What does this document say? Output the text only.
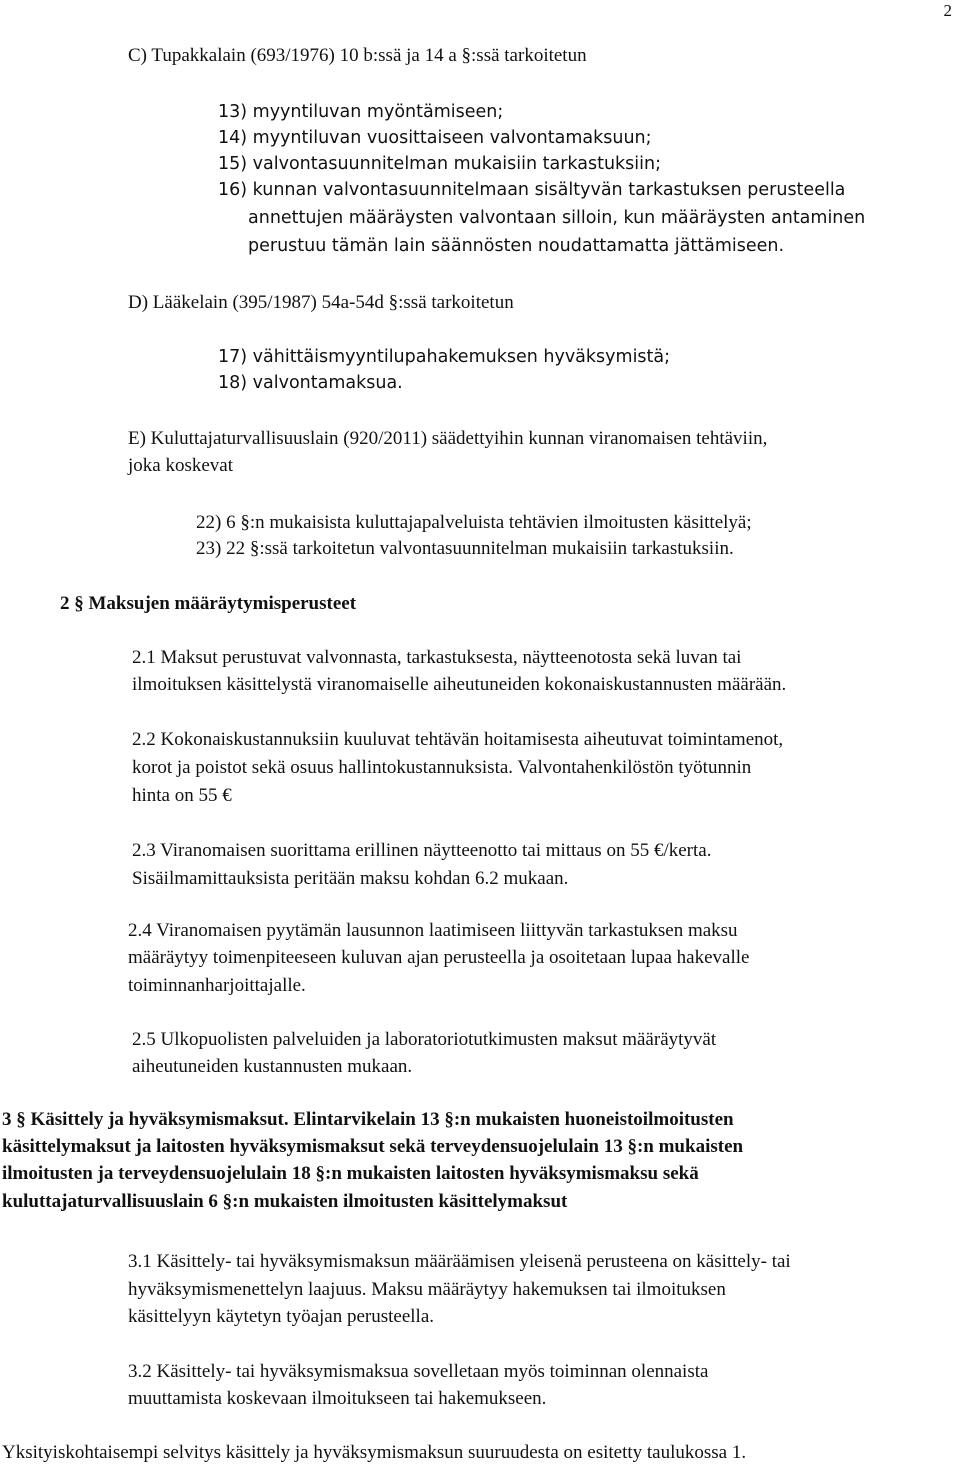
2
C) Tupakkalain (693/1976) 10 b:ssä ja 14 a §:ssä tarkoitetun
13) myyntiluvan myöntämiseen;
14) myyntiluvan vuosittaiseen valvontamaksuun;
15) valvontasuunnitelman mukaisiin tarkastuksiin;
16) kunnan valvontasuunnitelmaan sisältyvän tarkastuksen perusteella
annettujen määräysten valvontaan silloin, kun määräysten antaminen
perustuu tämän lain säännösten noudattamatta jättämiseen.
D) Lääkelain (395/1987) 54a-54d §:ssä tarkoitetun
17) vähittäismyyntilupahakemuksen hyväksymistä;
18) valvontamaksua.
E) Kuluttajaturvallisuuslain (920/2011) säädettyihin kunnan viranomaisen tehtäviin,
joka koskevat
22) 6 §:n mukaisista kuluttajapalveluista tehtävien ilmoitusten käsittelyä;
23) 22 §:ssä tarkoitetun valvontasuunnitelman mukaisiin tarkastuksiin.
2 § Maksujen määräytymisperusteet
2.1 Maksut perustuvat valvonnasta, tarkastuksesta, näytteenotosta sekä luvan tai
ilmoituksen käsittelystä viranomaiselle aiheutuneiden kokonaiskustannusten määrään.
2.2 Kokonaiskustannuksiin kuuluvat tehtävän hoitamisesta aiheutuvat toimintamenot,
korot ja poistot sekä osuus hallintokustannuksista. Valvontahenkilöstön työtunnin
hinta on 55 €
2.3 Viranomaisen suorittama erillinen näytteenotto tai mittaus on 55 €/kerta.
Sisäilmamittauksista peritään maksu kohdan 6.2 mukaan.
2.4 Viranomaisen pyytämän lausunnon laatimiseen liittyvän tarkastuksen maksu
määräytyy toimenpiteeseen kuluvan ajan perusteella ja osoitetaan lupaa hakevalle
toiminnanharjoittajalle.
2.5 Ulkopuolisten palveluiden ja laboratoriotutkimusten maksut määräytyvät
aiheutuneiden kustannusten mukaan.
3 § Käsittely ja hyväksymismaksut. Elintarvikelain 13 §:n mukaisten huoneistoilmoitusten
käsittelymaksut ja laitosten hyväksymismaksut sekä terveydensuojelulain 13 §:n mukaisten
ilmoitusten ja terveydensuojelulain 18 §:n mukaisten laitosten hyväksymismaksu sekä
kuluttajaturvallisuuslain 6 §:n mukaisten ilmoitusten käsittelymaksut
3.1 Käsittely- tai hyväksymismaksun määräämisen yleisenä perusteena on käsittely- tai
hyväksymismenettelyn laajuus. Maksu määräytyy hakemuksen tai ilmoituksen
käsittelyyn käytetyn työajan perusteella.
3.2 Käsittely- tai hyväksymismaksua sovelletaan myös toiminnan olennaista
muuttamista koskevaan ilmoitukseen tai hakemukseen.
Yksityiskohtaisempi selvitys käsittely ja hyväksymismaksun suuruudesta on esitetty taulukossa 1.
